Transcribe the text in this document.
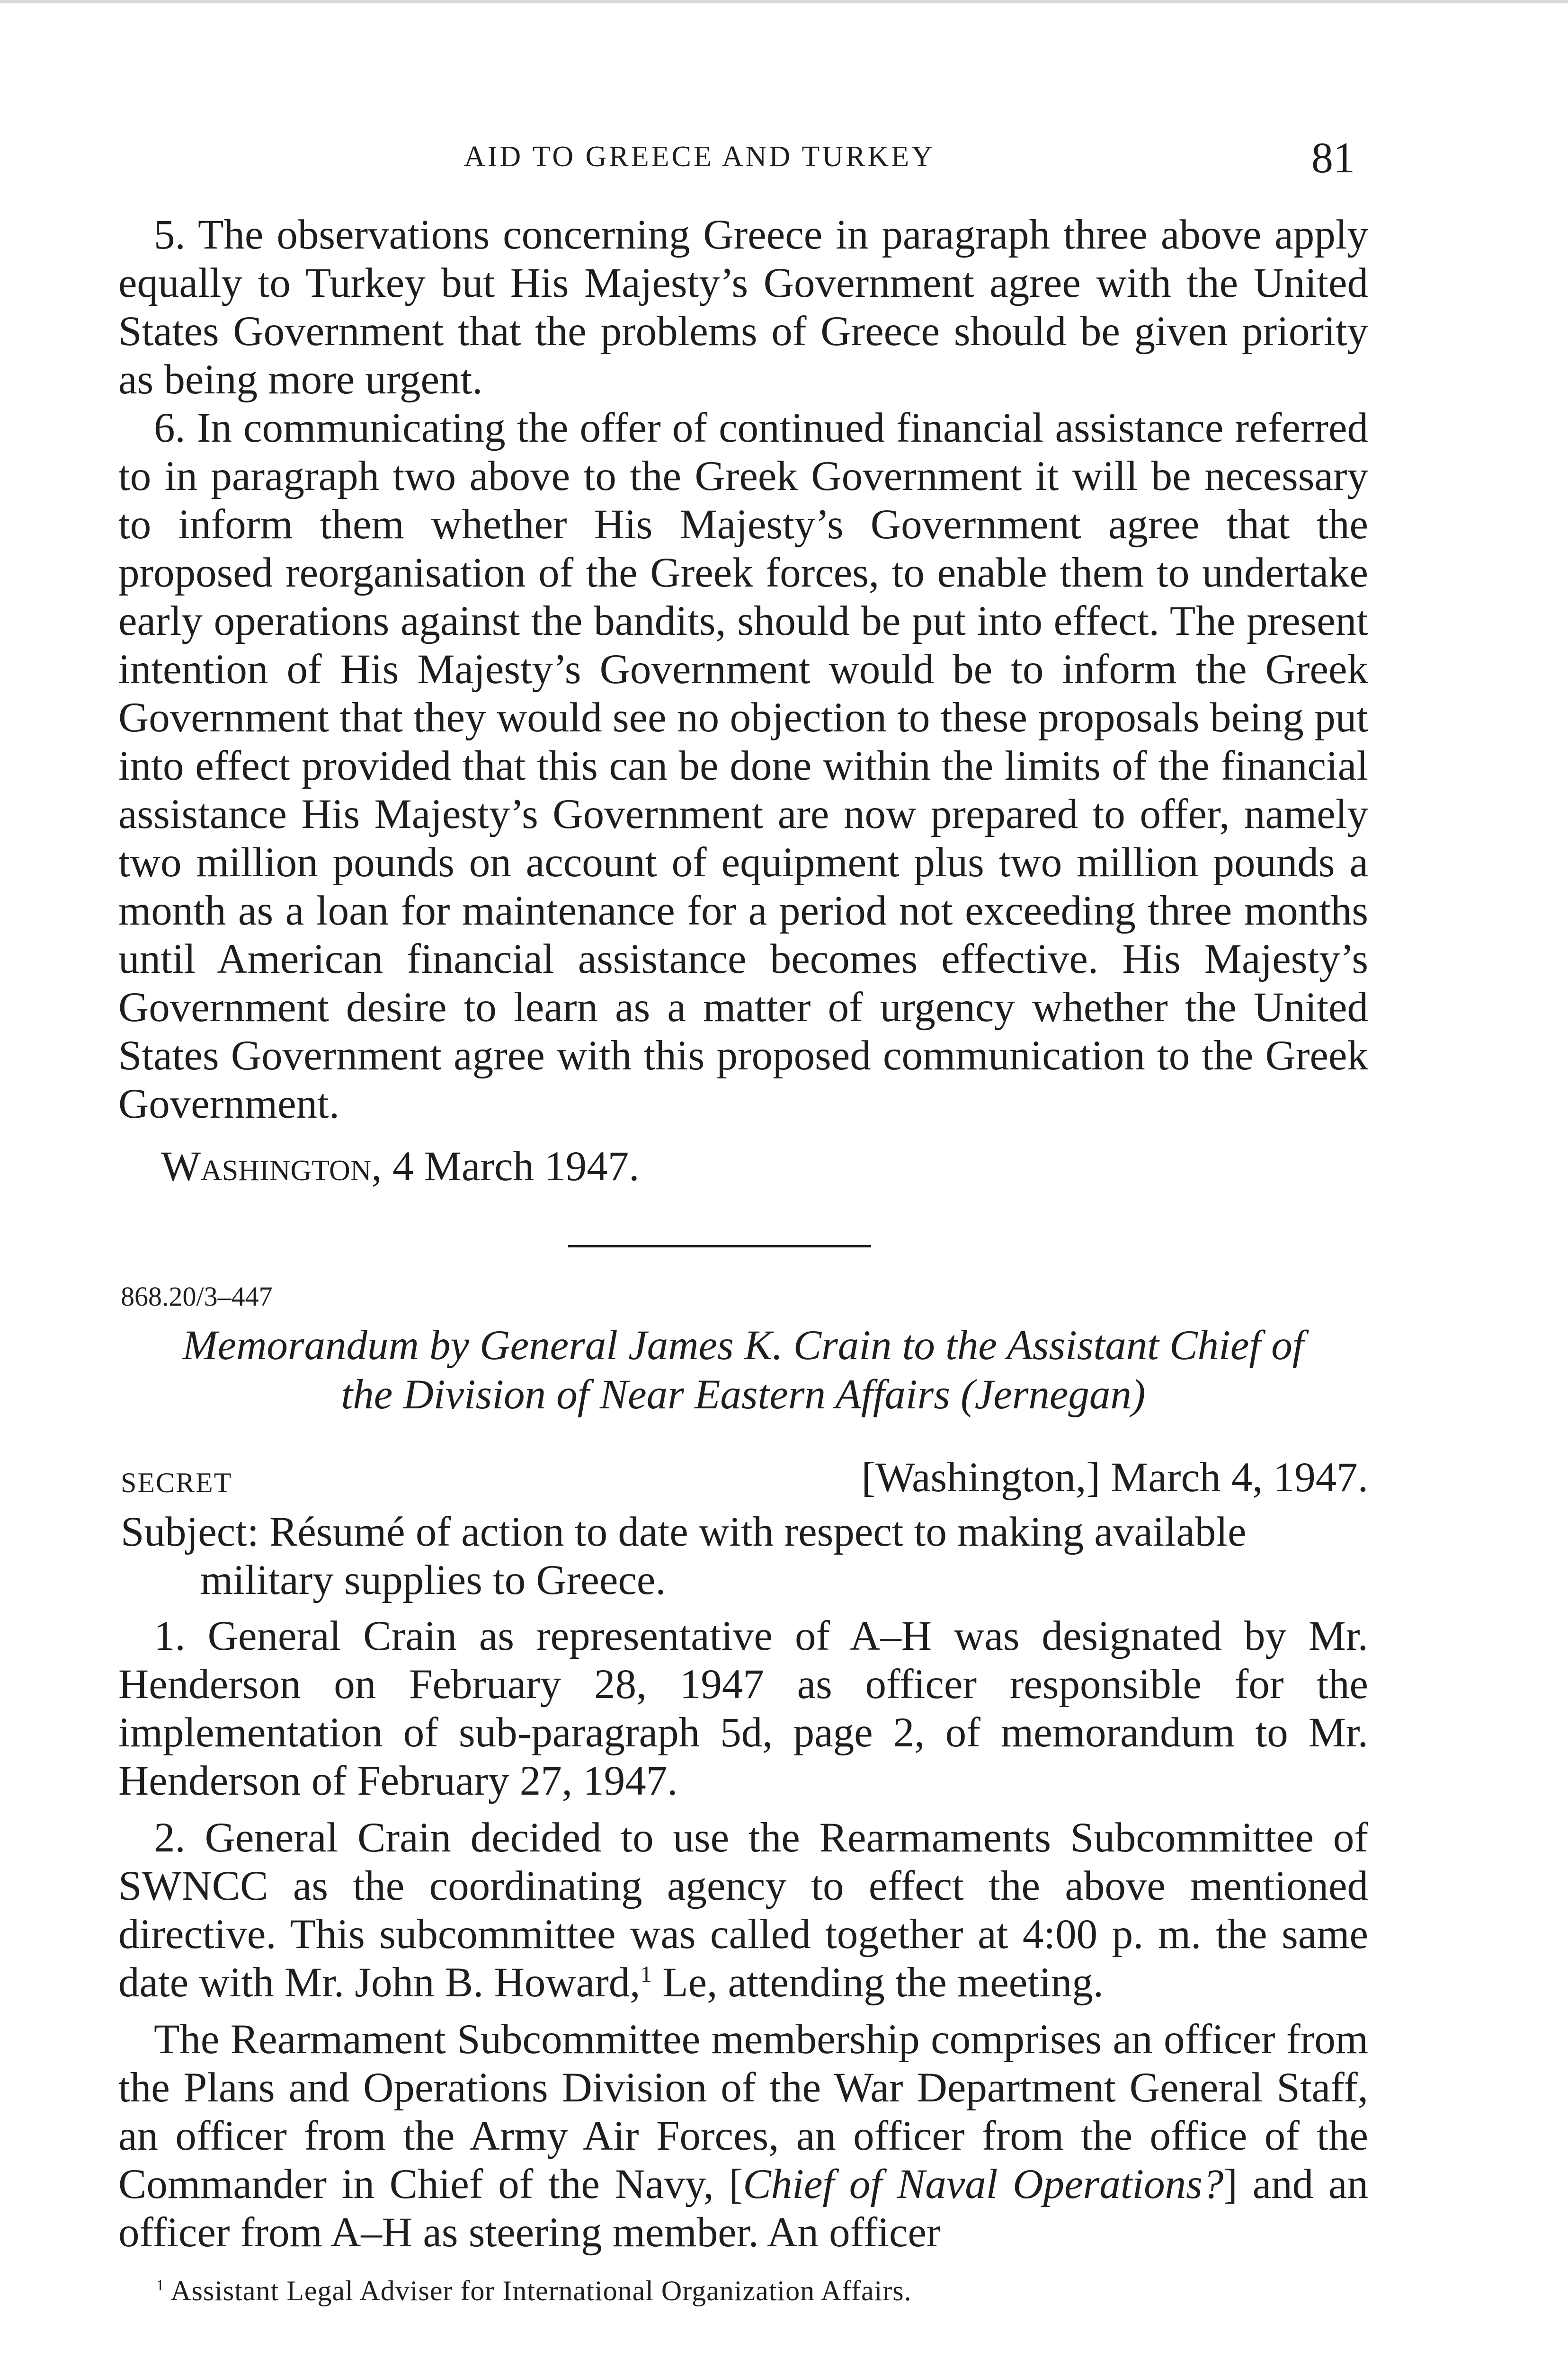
AID TO GREECE AND TURKEY	81

5. The observations concerning Greece in paragraph three above apply equally to Turkey but His Majesty’s Government agree with the United States Government that the problems of Greece should be given priority as being more urgent.

6. In communicating the offer of continued financial assistance referred to in paragraph two above to the Greek Government it will be necessary to inform them whether His Majesty’s Government agree that the proposed reorganisation of the Greek forces, to enable them to undertake early operations against the bandits, should be put into effect. The present intention of His Majesty’s Government would be to inform the Greek Government that they would see no objection to these proposals being put into effect provided that this can be done within the limits of the financial assistance His Majesty’s Government are now prepared to offer, namely two million pounds on account of equipment plus two million pounds a month as a loan for maintenance for a period not exceeding three months until American financial assistance becomes effective. His Majesty’s Government desire to learn as a matter of urgency whether the United States Government agree with this proposed communication to the Greek Government.

Washington, 4 March 1947.

868.20/3–447
Memorandum by General James K. Crain to the Assistant Chief of
the Division of Near Eastern Affairs (Jernegan)
SECRET	[Washington,] March 4, 1947.
Subject: Résumé of action to date with respect to making available
military supplies to Greece.

1. General Crain as representative of A–H was designated by Mr. Henderson on February 28, 1947 as officer responsible for the implementation of sub-paragraph 5d, page 2, of memorandum to Mr. Henderson of February 27, 1947.

2. General Crain decided to use the Rearmaments Subcommittee of SWNCC as the coordinating agency to effect the above mentioned directive. This subcommittee was called together at 4:00 p. m. the same date with Mr. John B. Howard,$^1$ Le, attending the meeting.

The Rearmament Subcommittee membership comprises an officer from the Plans and Operations Division of the War Department General Staff, an officer from the Army Air Forces, an officer from the office of the Commander in Chief of the Navy, [Chief of Naval Operations?] and an officer from A–H as steering member. An officer

$^1$ Assistant Legal Adviser for International Organization Affairs.
